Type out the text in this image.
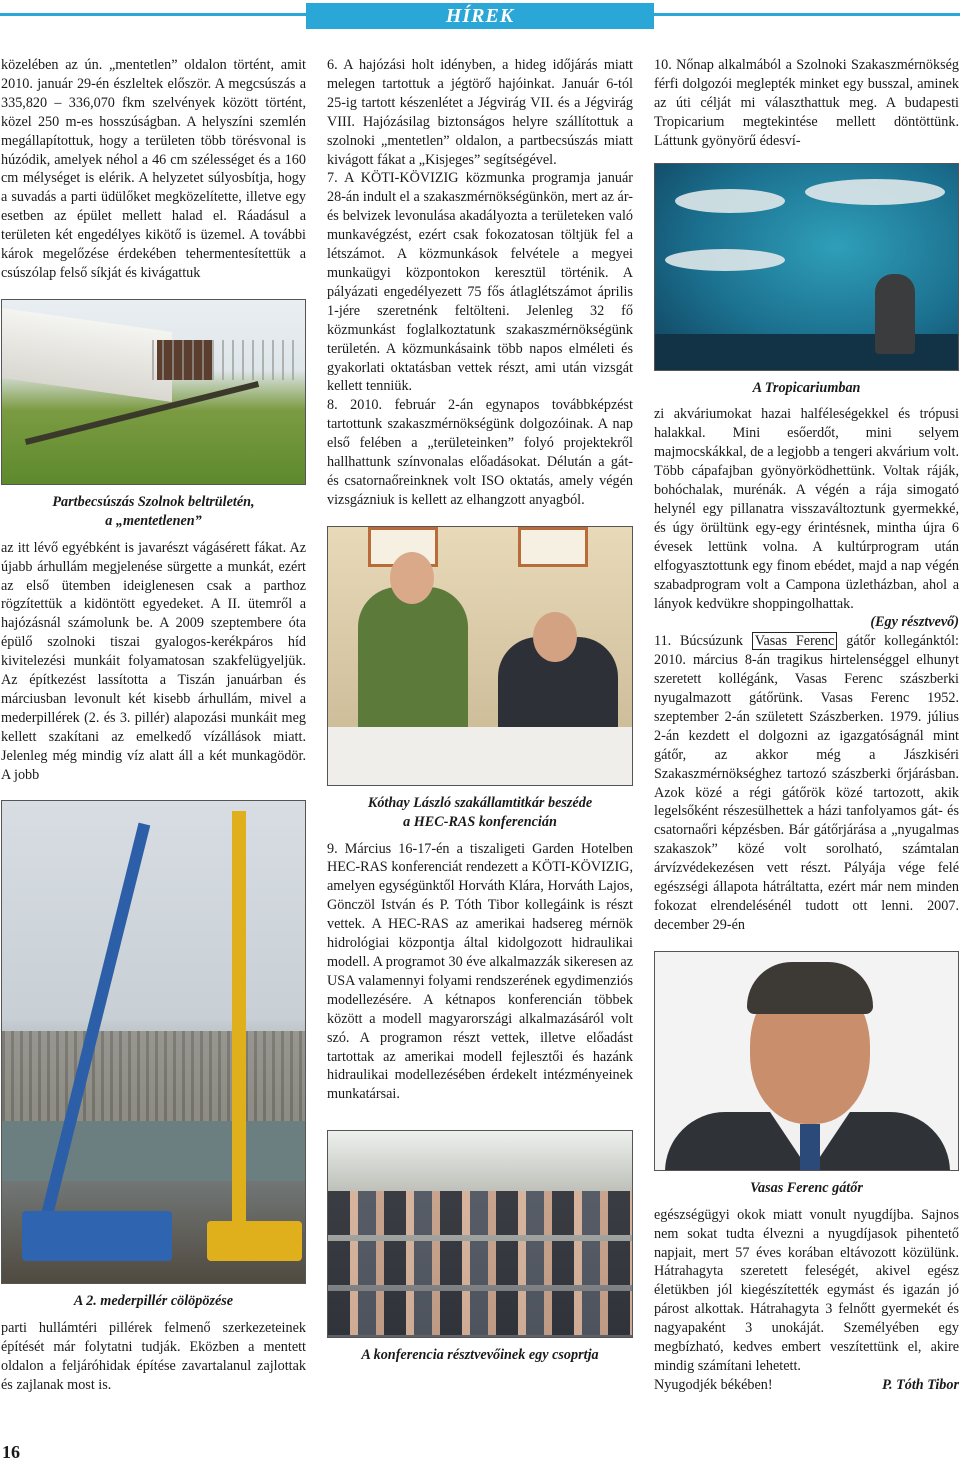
HÍREK

közelében az ún. „mentetlen” oldalon történt, amit 2010. január 29-én észleltek először. A megcsúszás a 335,820 – 336,070 fkm szelvények között történt, közel 250 m-es hosszúságban. A helyszíni szemlén megállapítottuk, hogy a területen több törésvonal is húzódik, amelyek néhol a 46 cm szélességet és a 160 cm mélységet is elérik. A helyzetet súlyosbítja, hogy a suvadás a parti üdülőket megközelítette, illetve egy esetben az épület mellett halad el. Ráadásul a területen két engedélyes kikötő is üzemel. A további károk megelőzése érdekében tehermentesítettük a csúszólap felső síkját és kivágattuk

Partbecsúszás Szolnok beltrületén,
a „mentetlenen”

az itt lévő egyébként is javarészt vágásérett fákat. Az újabb árhullám megjelenése sürgette a munkát, ezért az első ütemben ideiglenesen csak a parthoz rögzítettük a kidöntött egyedeket. A II. ütemről a hajózásnál számolunk be. A 2009 szeptembere óta épülő szolnoki tiszai gyalogos-kerékpáros híd kivitelezési munkáit folyamatosan szakfelügyeljük. Az építkezést lassította a Tiszán januárban és márciusban levonult két kisebb árhullám, mivel a mederpillérek (2. és 3. pillér) alapozási munkáit meg kellett szakítani az emelkedő vízállások miatt. Jelenleg még mindig víz alatt áll a két munkagödör. A jobb

A 2. mederpillér cölöpözése

parti hullámtéri pillérek felmenő szerkezeteinek építését már folytatni tudják. Eközben a mentett oldalon a feljáróhidak építése zavartalanul zajlottak és zajlanak most is.

6. A hajózási holt idényben, a hideg időjárás miatt melegen tartottuk a jégtörő hajóinkat. Január 6-tól 25-ig tartott készenlétet a Jégvirág VII. és a Jégvirág VIII. Hajózásilag biztonságos helyre szállítottuk a szolnoki „mentetlen” oldalon, a partbecsúszás miatt kivágott fákat a „Kisjeges” segítségével.

7. A KÖTI-KÖVIZIG közmunka programja január 28-án indult el a szakaszmérnökségünkön, mert az ár- és belvizek levonulása akadályozta a területeken való munkavégzést, ezért csak fokozatosan töltjük fel a létszámot. A közmunkások felvétele a megyei munkaügyi központokon keresztül történik. A pályázati engedélyezett 75 fős átlaglétszámot április 1-jére szeretnénk feltölteni. Jelenleg 32 fő közmunkást foglalkoztatunk szakaszmérnökségünk területén. A közmunkásaink több napos elméleti és gyakorlati oktatásban vettek részt, ami után vizsgát kellett tenniük.

8. 2010. február 2-án egynapos továbbképzést tartottunk szakaszmérnökségünk dolgozóinak. A nap első felében a „területeinken” folyó projektekről hallhattunk színvonalas előadásokat. Délután a gát- és csatornaőreinknek volt ISO oktatás, amely végén vizsgázniuk is kellett az elhangzott anyagból.

Kóthay László szakállamtitkár beszéde
a HEC-RAS konferencián

9. Március 16-17-én a tiszaligeti Garden Hotelben HEC-RAS konferenciát rendezett a KÖTI-KÖVIZIG, amelyen egységünktől Horváth Klára, Horváth Lajos, Gönczöl István és P. Tóth Tibor kollegáink is részt vettek. A HEC-RAS az amerikai hadsereg mérnök hidrológiai központja által kidolgozott hidraulikai modell. A programot 30 éve alkalmazzák sikeresen az USA valamennyi folyami rendszerének egydimenziós modellezésére. A kétnapos konferencián többek között a modell magyarországi alkalmazásáról volt szó. A programon részt vettek, illetve előadást tartottak az amerikai modell fejlesztői és hazánk hidraulikai modellezésében érdekelt intézményeinek munkatársai.

A konferencia résztvevőinek egy csoprtja

10. Nőnap alkalmából a Szolnoki Szakaszmérnökség férfi dolgozói meglepték minket egy busszal, aminek az úti célját mi választhattuk meg. A budapesti Tropicarium megtekintése mellett döntöttünk. Láttunk gyönyörű édesví-

A Tropicariumban

zi akváriumokat hazai halféleségekkel és trópusi halakkal. Mini esőerdőt, mini selyem majmocskákkal, de a legjobb a tengeri akvárium volt. Több cápafajban gyönyörködhettünk. Voltak ráják, bohóchalak, murénák. A végén a rája simogató helynél egy pillanatra visszaváltoztunk gyermekké, és úgy örültünk egy-egy érintésnek, mintha újra 6 évesek lettünk volna. A kultúrprogram után elfogyasztottunk egy finom ebédet, majd a nap végén szabadprogram volt a Campona üzletházban, ahol a lányok kedvükre shoppingolhattak.

(Egy résztvevő)

11. Búcsúzunk Vasas Ferenc gátőr kollegánktól: 2010. március 8-án tragikus hirtelenséggel elhunyt szeretett kollégánk, Vasas Ferenc szászberki nyugalmazott gátőrünk. Vasas Ferenc 1952. szeptember 2-án született Szászberken. 1979. július 2-án kezdett el dolgozni az igazgatóságnál mint gátőr, az akkor még a Jászkiséri Szakaszmérnökséghez tartozó szászberki őrjárásban. Azok közé a régi gátőrök közé tartozott, akik legelsőként részesülhettek a házi tanfolyamos gát- és csatornaőri képzésben. Bár gátőrjárása a „nyugalmas szakaszok” közé volt sorolható, számtalan árvízvédekezésen vett részt. Pályája vége felé egészségi állapota hátráltatta, ezért már nem minden fokozat elrendelésénél tudott ott lenni. 2007. december 29-én

Vasas Ferenc gátőr

egészségügyi okok miatt vonult nyugdíjba. Sajnos nem sokat tudta élvezni a nyugdíjasok pihentető napjait, mert 57 éves korában eltávozott közülünk. Hátrahagyta szeretett feleségét, akivel egész életükben jól kiegészítették egymást és igazán jó párost alkottak. Hátrahagyta 3 felnőtt gyermekét és nagyapaként 3 unokáját. Személyében egy megbízható, kedves embert veszítettünk el, akire mindig számítani lehetett.

Nyugodjék békében!	P. Tóth Tibor

16
